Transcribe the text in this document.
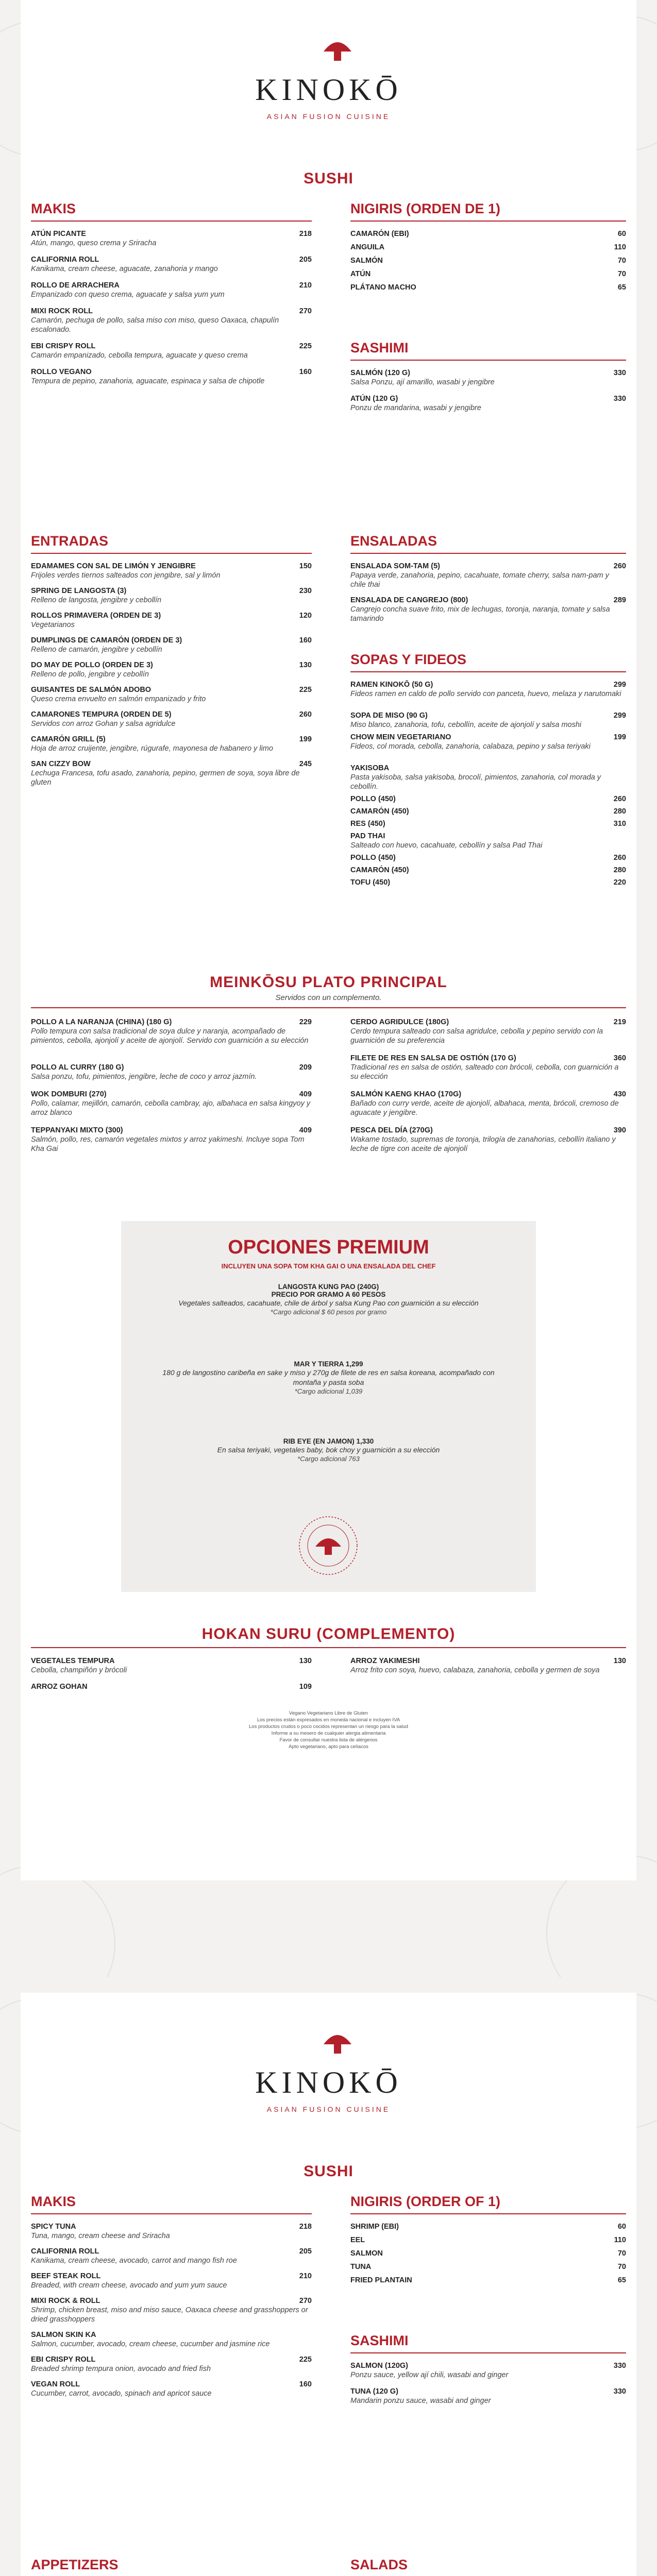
KINOKŌ
ASIAN FUSION CUISINE
SUSHI
MAKIS
ATÚN PICANTE	218
Atún, mango, queso crema y Sriracha
CALIFORNIA ROLL	205
Kanikama, cream cheese, aguacate, zanahoria y mango
ROLLO DE ARRACHERA	210
Empanizado con queso crema, aguacate y salsa yum yum
MIXI ROCK ROLL	270
Camarón, pechuga de pollo, salsa miso con miso, queso Oaxaca, chapulín escalonado.
EBI CRISPY ROLL	225
Camarón empanizado, cebolla tempura, aguacate y queso crema
ROLLO VEGANO	160
Tempura de pepino, zanahoria, aguacate, espinaca y salsa de chipotle
NIGIRIS (ORDEN DE 1)
CAMARÓN (EBI)	60
ANGUILA	110
SALMÓN	70
ATÚN	70
PLÁTANO MACHO	65
SASHIMI
SALMÓN (120 G)	330
Salsa Ponzu, ají amarillo, wasabi y jengibre
ATÚN (120 G)	330
Ponzu de mandarina, wasabi y jengibre
ENTRADAS
EDAMAMES CON SAL DE LIMÓN Y JENGIBRE	150
Frijoles verdes tiernos salteados con jengibre, sal y limón
SPRING DE LANGOSTA (3)	230
Relleno de langosta, jengibre y cebollín
ROLLOS PRIMAVERA (ORDEN DE 3)	120
Vegetarianos
DUMPLINGS DE CAMARÓN (ORDEN DE 3)	160
Relleno de camarón, jengibre y cebollín
DO MAY DE POLLO (ORDEN DE 3)	130
Relleno de pollo, jengibre y cebollín
GUISANTES DE SALMÓN ADOBO	225
Queso crema envuelto en salmón empanizado y frito
CAMARONES TEMPURA (ORDEN DE 5)	260
Servidos con arroz Gohan y salsa agridulce
CAMARÓN GRILL (5)	199
Hoja de arroz cruijente, jengibre, rúgurafe, mayonesa de habanero y limo
SAN CIZZY BOW	245
Lechuga Francesa, tofu asado, zanahoria, pepino, germen de soya, soya libre de gluten
ENSALADAS
ENSALADA SOM-TAM (5)	260
Papaya verde, zanahoria, pepino, cacahuate, tomate cherry, salsa nam-pam y chile thai
ENSALADA DE CANGREJO (800)	289
Cangrejo concha suave frito, mix de lechugas, toronja, naranja, tomate y salsa tamarindo
SOPAS Y FIDEOS
RAMEN KINOKŌ (50 G)	299
Fideos ramen en caldo de pollo servido con panceta, huevo, melaza y narutomaki
SOPA DE MISO (90 G)	299
Miso blanco, zanahoria, tofu, cebollín, aceite de ajonjolí y salsa moshi
CHOW MEIN VEGETARIANO	199
Fideos, col morada, cebolla, zanahoria, calabaza, pepino y salsa teriyaki
YAKISOBA
Pasta yakisoba, salsa yakisoba, brocolí, pimientos, zanahoria, col morada y cebollín.
POLLO (450)	260
CAMARÓN (450)	280
RES (450)	310
PAD THAI
Salteado con huevo, cacahuate, cebollín y salsa Pad Thai
POLLO (450)	260
CAMARÓN (450)	280
TOFU (450)	220
MEINKŌSU PLATO PRINCIPAL
Servidos con un complemento.
POLLO A LA NARANJA (CHINA) (180 G)	229
Pollo tempura con salsa tradicional de soya dulce y naranja, acompañado de pimientos, cebolla, ajonjolí y aceite de ajonjolí. Servido con guarnición a su elección
POLLO AL CURRY (180 G)	209
Salsa ponzu, tofu, pimientos, jengibre, leche de coco y arroz jazmín.
WOK DOMBURI (270)	409
Pollo, calamar, mejillón, camarón, cebolla cambray, ajo, albahaca en salsa kingyoy y arroz blanco
TEPPANYAKI MIXTO (300)	409
Salmón, pollo, res, camarón vegetales mixtos y arroz yakimeshi. Incluye sopa Tom Kha Gai
CERDO AGRIDULCE (180G)	219
Cerdo tempura salteado con salsa agridulce, cebolla y pepino servido con la guarnición de su preferencia
FILETE DE RES EN SALSA DE OSTIÓN (170 G)	360
Tradicional res en salsa de ostión, salteado con brócoli, cebolla, con guarnición a su elección
SALMÓN KAENG KHAO (170G)	430
Bañado con curry verde, aceite de ajonjolí, albahaca, menta, brócoli, cremoso de aguacate y jengibre.
PESCA DEL DÍA (270G)	390
Wakame tostado, supremas de toronja, trilogía de zanahorias, cebollín italiano y leche de tigre con aceite de ajonjolí
OPCIONES PREMIUM
INCLUYEN UNA SOPA TOM KHA GAI O UNA ENSALADA DEL CHEF
LANGOSTA KUNG PAO (240G)
PRECIO POR GRAMO A 60 PESOS
Vegetales salteados, cacahuate, chile de árbol y salsa Kung Pao con guarnición a su elección
*Cargo adicional $ 60 pesos por gramo
MAR Y TIERRA 1,299
180 g de langostino caribeña en sake y miso y 270g de filete de res en salsa koreana, acompañado con montaña y pasta soba
*Cargo adicional 1,039
RIB EYE (EN JAMON) 1,330
En salsa teriyaki, vegetales baby, bok choy y guarnición a su elección
*Cargo adicional 763
HOKAN SURU (COMPLEMENTO)
VEGETALES TEMPURA	130
Cebolla, champiñón y brócoli
ARROZ GOHAN	109
ARROZ YAKIMESHI	130
Arroz frito con soya, huevo, calabaza, zanahoria, cebolla y germen de soya
Vegano Vegetariano Libre de Gluten
Los precios están expresados en moneda nacional e incluyen IVA
Los productos crudos o poco cocidos representan un riesgo para la salud
Informe a su mesero de cualquier alergia alimentaria
Favor de consultar nuestra lista de alérgenos
Apto vegetariano, apto para celíacos
KINOKŌ
ASIAN FUSION CUISINE
SUSHI
MAKIS
SPICY TUNA	218
Tuna, mango, cream cheese and Sriracha
CALIFORNIA ROLL	205
Kanikama, cream cheese, avocado, carrot and mango fish roe
BEEF STEAK ROLL	210
Breaded, with cream cheese, avocado and yum yum sauce
MIXI ROCK & ROLL	270
Shrimp, chicken breast, miso and miso sauce, Oaxaca cheese and grasshoppers or dried grasshoppers
SALMON SKIN KA
Salmon, cucumber, avocado, cream cheese, cucumber and jasmine rice
EBI CRISPY ROLL	225
Breaded shrimp tempura onion, avocado and fried fish
VEGAN ROLL	160
Cucumber, carrot, avocado, spinach and apricot sauce
NIGIRIS (ORDER OF 1)
SHRIMP (EBI)	60
EEL	110
SALMON	70
TUNA	70
FRIED PLANTAIN	65
SASHIMI
SALMON (120G)	330
Ponzu sauce, yellow ají chili, wasabi and ginger
TUNA (120 G)	330
Mandarin ponzu sauce, wasabi and ginger
APPETIZERS	SALADS
